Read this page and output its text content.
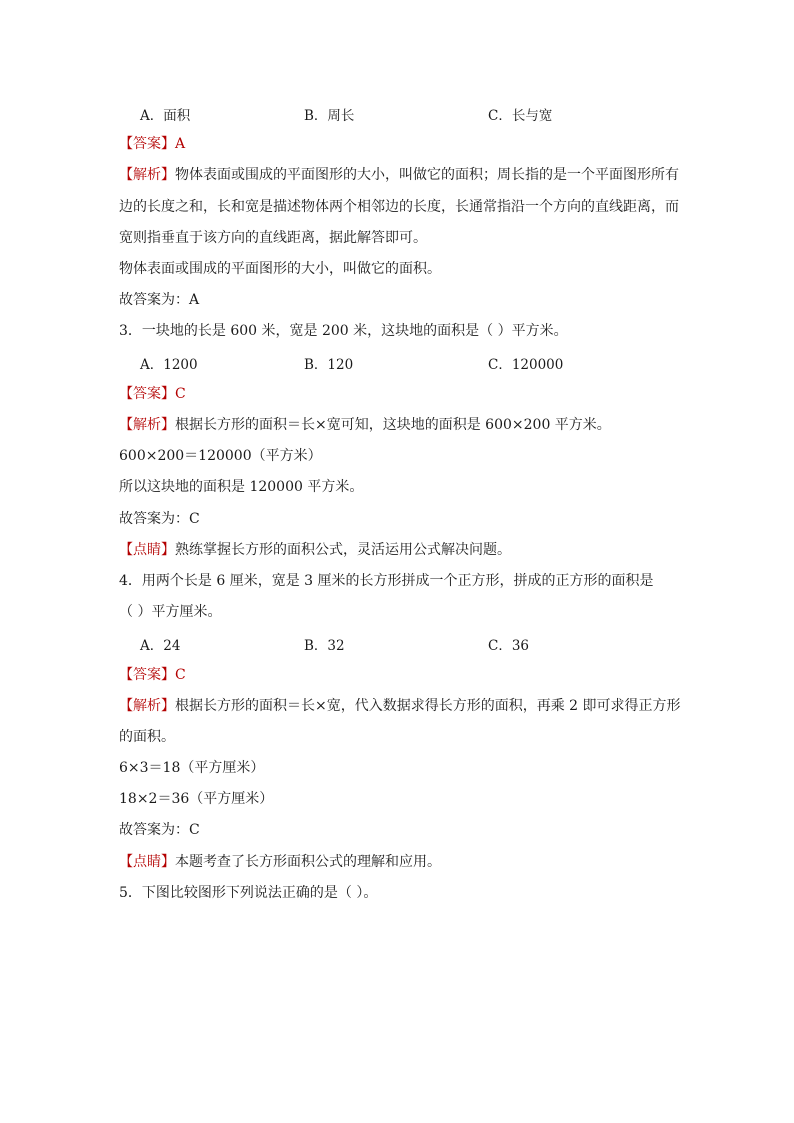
A．面积	B．周长	C．长与宽
【答案】A
【解析】物体表面或围成的平面图形的大小，叫做它的面积；周长指的是一个平面图形所有
边的长度之和，长和宽是描述物体两个相邻边的长度，长通常指沿一个方向的直线距离，而
宽则指垂直于该方向的直线距离，据此解答即可。
物体表面或围成的平面图形的大小，叫做它的面积。
故答案为：A
3．一块地的长是 600 米，宽是 200 米，这块地的面积是（ ）平方米。
A．1200	B．120	C．120000
【答案】C
【解析】根据长方形的面积＝长×宽可知，这块地的面积是 600×200 平方米。
600×200＝120000（平方米）
所以这块地的面积是 120000 平方米。
故答案为：C
【点睛】熟练掌握长方形的面积公式，灵活运用公式解决问题。
4．用两个长是 6 厘米，宽是 3 厘米的长方形拼成一个正方形，拼成的正方形的面积是
（ ）平方厘米。
A．24	B．32	C．36
【答案】C
【解析】根据长方形的面积＝长×宽，代入数据求得长方形的面积，再乘 2 即可求得正方形
的面积。
6×3＝18（平方厘米）
18×2＝36（平方厘米）
故答案为：C
【点睛】本题考查了长方形面积公式的理解和应用。
5．下图比较图形下列说法正确的是（ ）。
